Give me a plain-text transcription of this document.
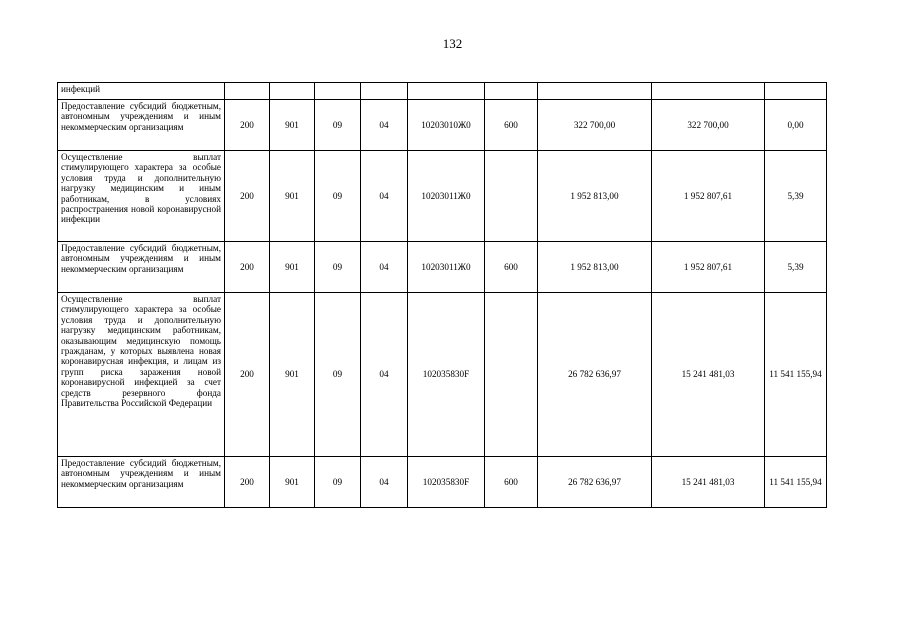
132
инфекций									
Предоставление субсидий бюджетным, автономным учреждениям и иным некоммерческим организациям	200	901	09	04	10203010Ж0	600	322 700,00	322 700,00	0,00
Осуществление выплат стимулирующего характера за особые условия труда и дополнительную нагрузку медицинским и иным работникам, в условиях распространения новой коронавирусной инфекции	200	901	09	04	10203011Ж0		1 952 813,00	1 952 807,61	5,39
Предоставление субсидий бюджетным, автономным учреждениям и иным некоммерческим организациям	200	901	09	04	10203011Ж0	600	1 952 813,00	1 952 807,61	5,39
Осуществление выплат стимулирующего характера за особые условия труда и дополнительную нагрузку медицинским работникам, оказывающим медицинскую помощь гражданам, у которых выявлена новая коронавирусная инфекция, и лицам из групп риска заражения новой коронавирусной инфекцией за счет средств резервного фонда Правительства Российской Федерации	200	901	09	04	102035830F		26 782 636,97	15 241 481,03	11 541 155,94
Предоставление субсидий бюджетным, автономным учреждениям и иным некоммерческим организациям	200	901	09	04	102035830F	600	26 782 636,97	15 241 481,03	11 541 155,94
